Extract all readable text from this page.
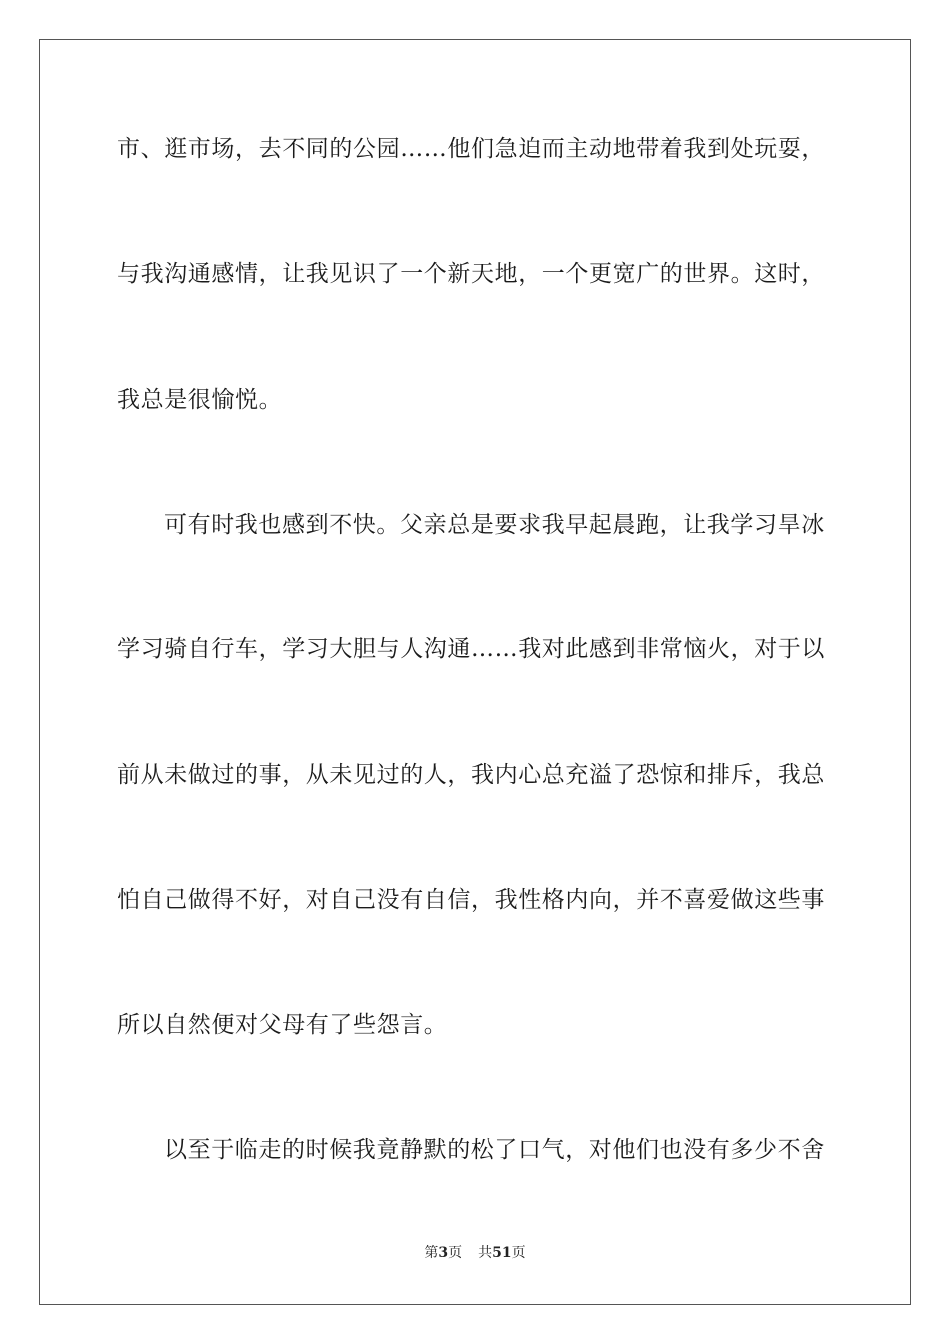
市、逛市场，去不同的公园……他们急迫而主动地带着我到处玩耍，
与我沟通感情，让我见识了一个新天地，一个更宽广的世界。这时，
我总是很愉悦。
可有时我也感到不快。父亲总是要求我早起晨跑，让我学习旱冰
学习骑自行车，学习大胆与人沟通……我对此感到非常恼火，对于以
前从未做过的事，从未见过的人，我内心总充溢了恐惊和排斥，我总
怕自己做得不好，对自己没有自信，我性格内向，并不喜爱做这些事
所以自然便对父母有了些怨言。
以至于临走的时候我竟静默的松了口气，对他们也没有多少不舍
第3页 共51页
